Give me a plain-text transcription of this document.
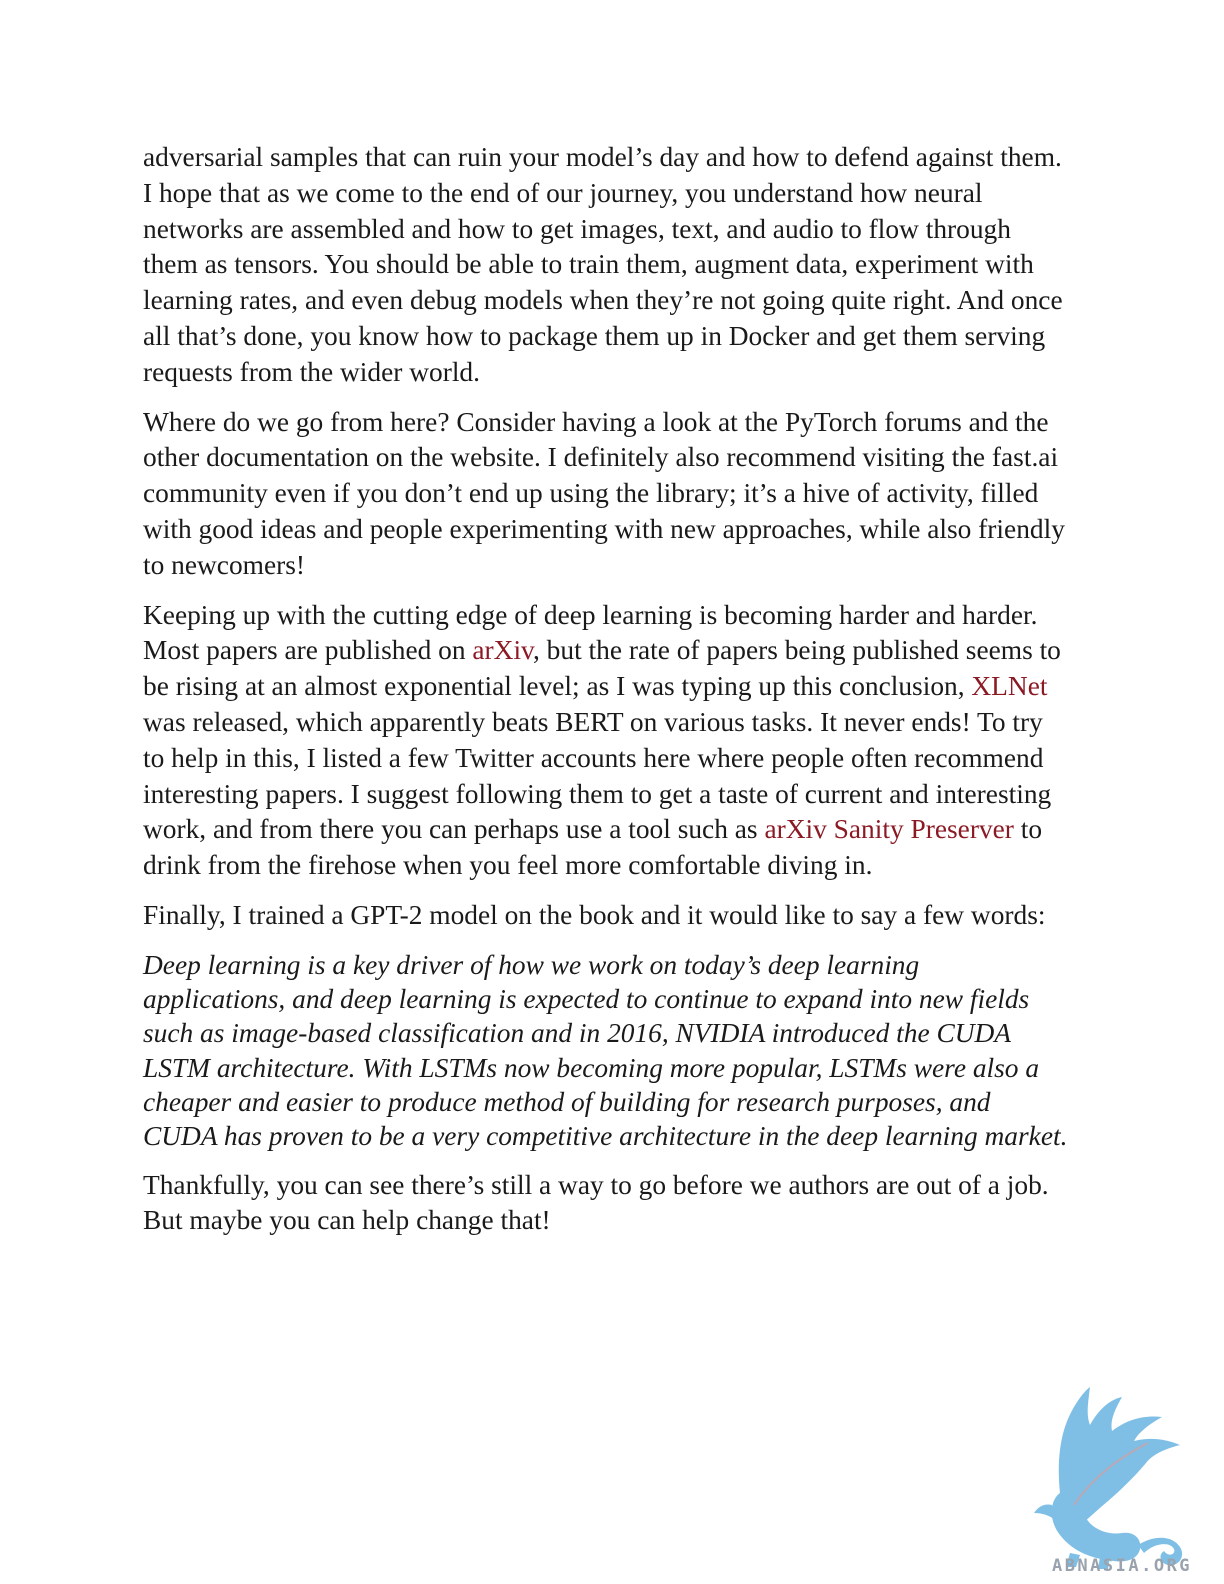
adversarial samples that can ruin your model’s day and how to defend against them. I hope that as we come to the end of our journey, you understand how neural networks are assembled and how to get images, text, and audio to flow through them as tensors. You should be able to train them, augment data, experiment with learning rates, and even debug models when they’re not going quite right. And once all that’s done, you know how to package them up in Docker and get them serving requests from the wider world.

Where do we go from here? Consider having a look at the PyTorch forums and the other documentation on the website. I definitely also recommend visiting the fast.ai community even if you don’t end up using the library; it’s a hive of activity, filled with good ideas and people experimenting with new approaches, while also friendly to newcomers!

Keeping up with the cutting edge of deep learning is becoming harder and harder. Most papers are published on arXiv, but the rate of papers being published seems to be rising at an almost exponential level; as I was typing up this conclusion, XLNet was released, which apparently beats BERT on various tasks. It never ends! To try to help in this, I listed a few Twitter accounts here where people often recommend interesting papers. I suggest following them to get a taste of current and interesting work, and from there you can perhaps use a tool such as arXiv Sanity Preserver to drink from the firehose when you feel more comfortable diving in.

Finally, I trained a GPT-2 model on the book and it would like to say a few words:

Deep learning is a key driver of how we work on today’s deep learning applications, and deep learning is expected to continue to expand into new fields such as image-based classification and in 2016, NVIDIA introduced the CUDA LSTM architecture. With LSTMs now becoming more popular, LSTMs were also a cheaper and easier to produce method of building for research purposes, and CUDA has proven to be a very competitive architecture in the deep learning market.

Thankfully, you can see there’s still a way to go before we authors are out of a job. But maybe you can help change that!

ABNASIA.ORG
